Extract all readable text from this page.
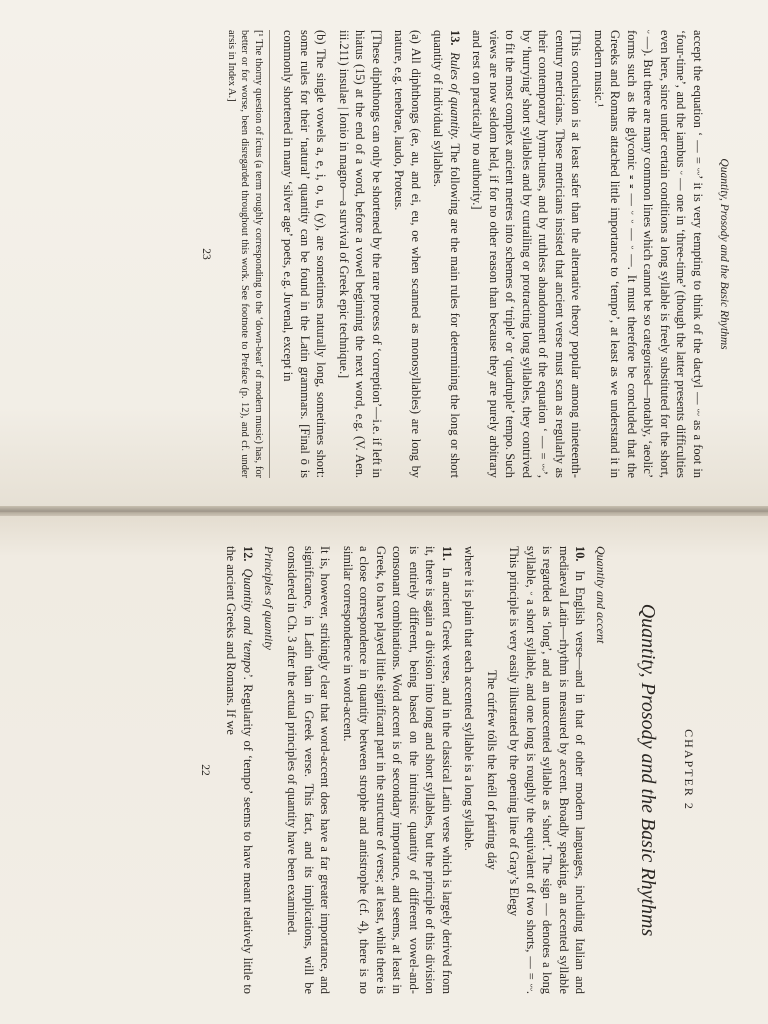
Quantity, Prosody and the Basic Rhythms

accept the equation ‘ — = ᵕᵕ’ it is very tempting to think of the dactyl — ᵕᵕ as a foot in ‘four-time’, and the iambus ᵕ — one in ‘three-time’ (though the latter presents difficulties even here, since under certain conditions a long syllable is freely substituted for the short, ᵕ —). But there are many common lines which cannot be so categorised—notably, ‘aeolic’ forms such as the glyconic ⏓ ⏓ — ᵕ ᵕ — ᵕ —. It must therefore be concluded that the Greeks and Romans attached little importance to ‘tempo’, at least as we understand it in modern music.¹

[This conclusion is at least safer than the alternative theory popular among nineteenth-century metricians. These metricians insisted that ancient verse must scan as regularly as their contemporary hymn-tunes, and by ruthless abandonment of the equation ‘ — = ᵕᵕ’, by ‘hurrying’ short syllables and by curtailing or protracting long syllables, they contrived to fit the most complex ancient metres into schemes of ‘triple’ or ‘quadruple’ tempo. Such views are now seldom held, if for no other reason than because they are purely arbitrary and rest on practically no authority.]

13. Rules of quantity. The following are the main rules for determining the long or short quantity of individual syllables.

(a) All diphthongs (ae, au, and ei, eu, oe when scanned as monosyllables) are long by nature, e.g. tenebrae, laudo, Proteus.

[These diphthongs can only be shortened by the rare process of ‘correption’—i.e. if left in hiatus (15) at the end of a word, before a vowel beginning the next word, e.g. (V. Aen. iii.211) insulae | Ionio in magno—a survival of Greek epic technique.]

(b) The single vowels a, e, i, o, u, (y), are sometimes naturally long, sometimes short: some rules for their ‘natural’ quantity can be found in the Latin grammars. [Final ō is commonly shortened in many ‘silver age’ poets, e.g. Juvenal, except in

[¹ The thorny question of ictus (a term roughly corresponding to the ‘down-beat’ of modern music) has, for better or for worse, been disregarded throughout this work. See footnote to Preface (p. 12), and cf. under arsis in Index A.]
23
CHAPTER 2
Quantity, Prosody and the Basic Rhythms
Quantity and accent

10. In English verse—and in that of other modern languages, including Italian and mediaeval Latin—rhythm is measured by accent. Broadly speaking, an accented syllable is regarded as ‘long’, and an unaccented syllable as ‘short’. The sign — denotes a long syllable, ᵕ a short syllable, and one long is roughly the equivalent of two shorts, — = ᵕᵕ. This principle is very easily illustrated by the opening line of Gray’s Elegy

The cúrfew tólls the knéll of párting dáy

where it is plain that each accented syllable is a long syllable.

11. In ancient Greek verse, and in the classical Latin verse which is largely derived from it, there is again a division into long and short syllables, but the principle of this division is entirely different, being based on the intrinsic quantity of different vowel-and-consonant combinations. Word accent is of secondary importance, and seems, at least in Greek, to have played little significant part in the structure of verse; at least, while there is a close correspondence in quantity between strophe and antistrophe (cf. 4), there is no similar correspondence in word-accent.

It is, however, strikingly clear that word-accent does have a far greater importance, and significance, in Latin than in Greek verse. This fact, and its implications, will be considered in Ch. 3 after the actual principles of quantity have been examined.

Principles of quantity

12. Quantity and ‘tempo’. Regularity of ‘tempo’ seems to have meant relatively little to the ancient Greeks and Romans. If we

22
